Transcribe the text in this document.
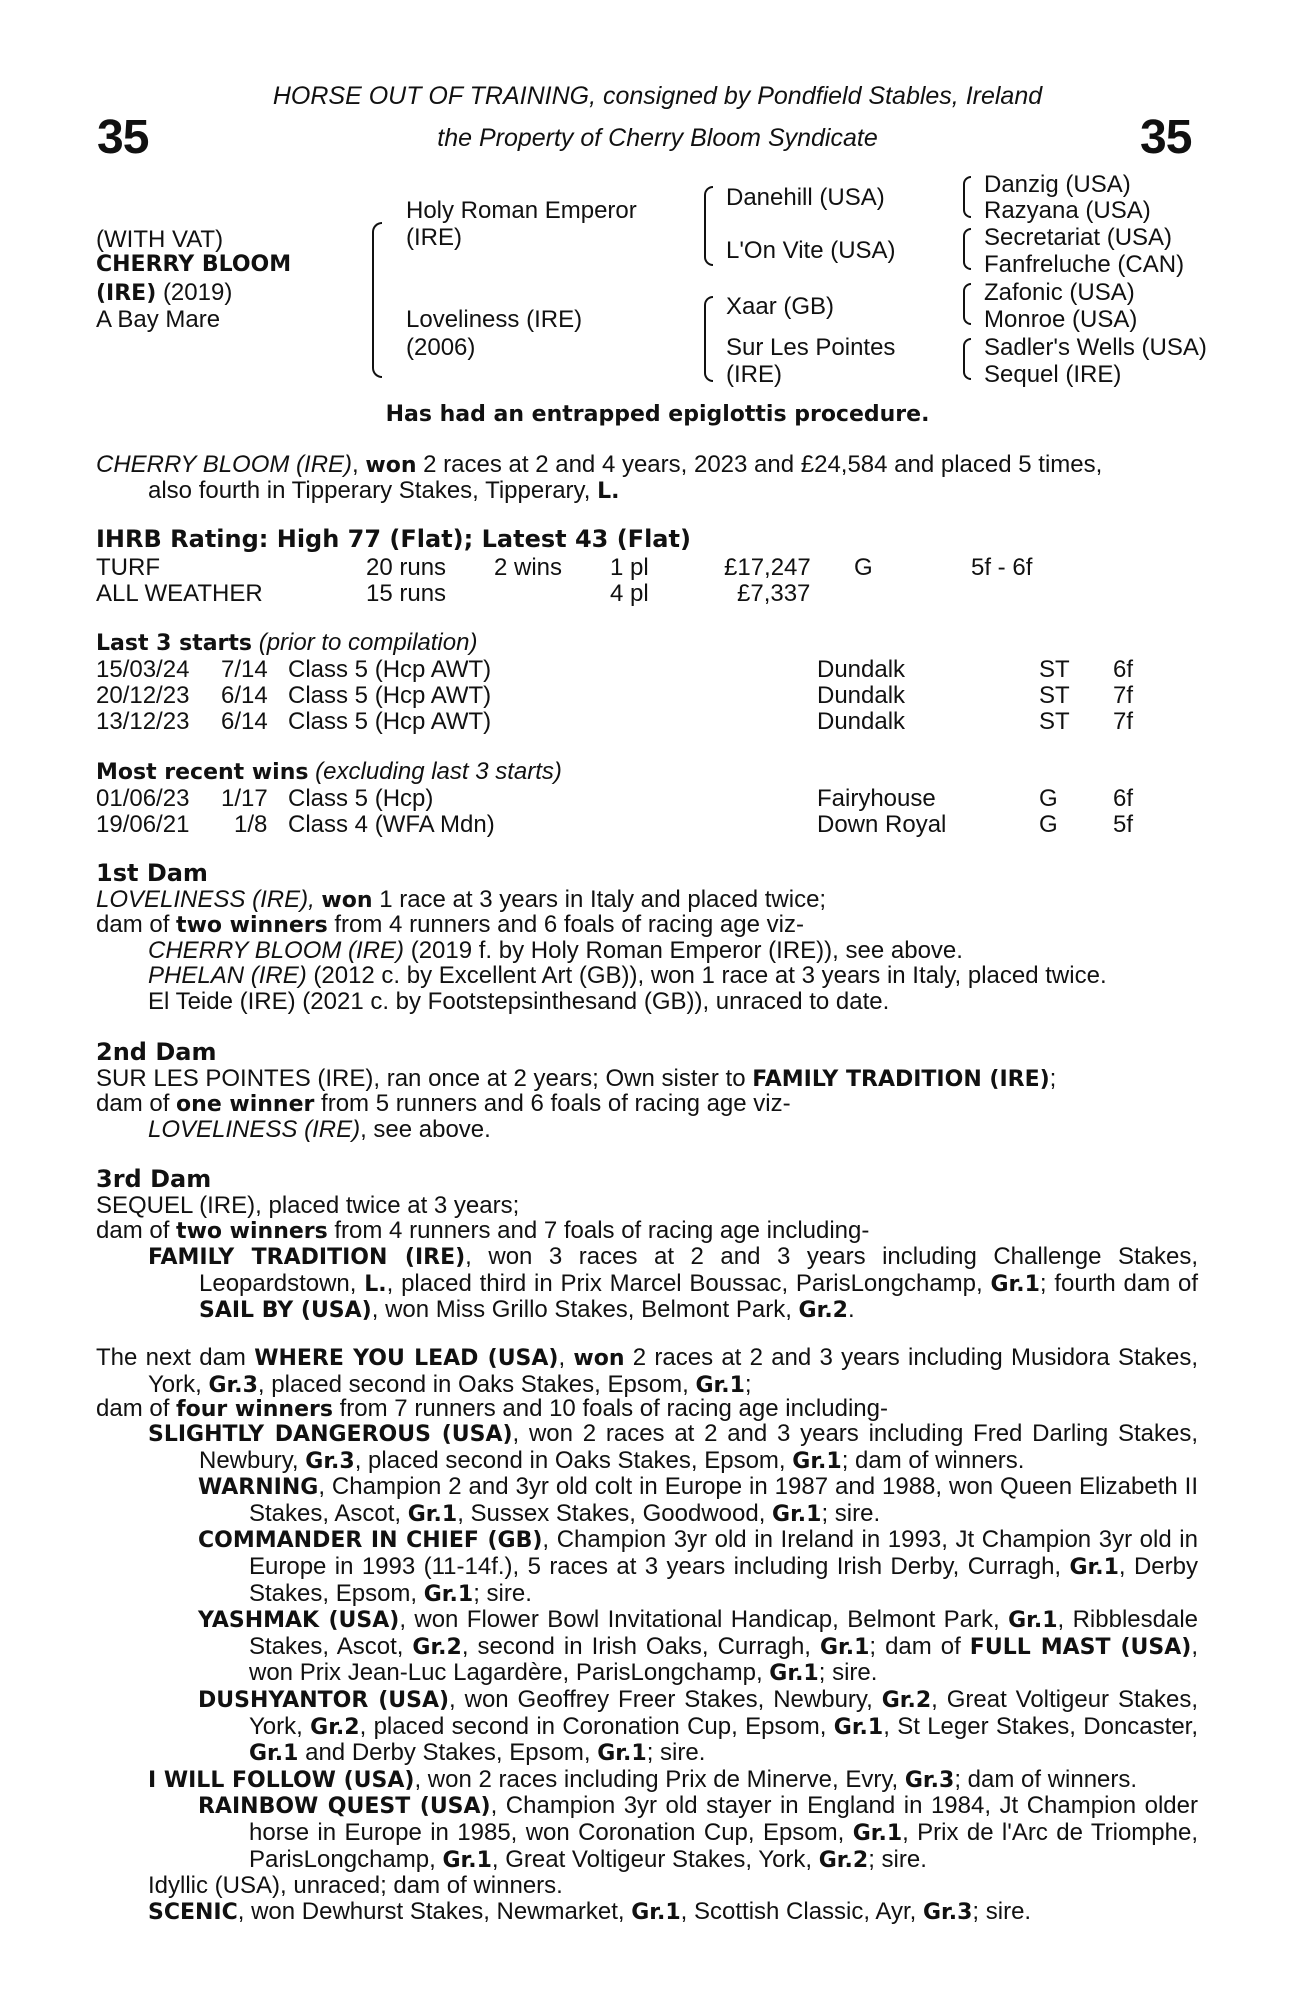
35	35
HORSE OUT OF TRAINING, consigned by Pondfield Stables, Ireland
the Property of Cherry Bloom Syndicate
(WITH VAT)
CHERRY BLOOM
(IRE) (2019)
A Bay Mare
Holy Roman Emperor
(IRE)
Loveliness (IRE)
(2006)
Danehill (USA)
L'On Vite (USA)
Xaar (GB)
Sur Les Pointes
(IRE)
Danzig (USA)
Razyana (USA)
Secretariat (USA)
Fanfreluche (CAN)
Zafonic (USA)
Monroe (USA)
Sadler's Wells (USA)
Sequel (IRE)
Has had an entrapped epiglottis procedure.
CHERRY BLOOM (IRE), won 2 races at 2 and 4 years, 2023 and £24,584 and placed 5 times,
also fourth in Tipperary Stakes, Tipperary, L.
IHRB Rating: High 77 (Flat); Latest 43 (Flat)
TURF	20 runs 2 wins 1 pl	£17,247 G	5f - 6f
ALL WEATHER	15 runs	4 pl	£7,337
Last 3 starts (prior to compilation)
15/03/24 7/14 Class 5 (Hcp AWT)	Dundalk	ST 6f
20/12/23 6/14 Class 5 (Hcp AWT)	Dundalk	ST 7f
13/12/23 6/14 Class 5 (Hcp AWT)	Dundalk	ST 7f
Most recent wins (excluding last 3 starts)
01/06/23 1/17 Class 5 (Hcp)	Fairyhouse	G 6f
19/06/21 1/8 Class 4 (WFA Mdn)	Down Royal	G 5f
1st Dam
LOVELINESS (IRE), won 1 race at 3 years in Italy and placed twice;
dam of two winners from 4 runners and 6 foals of racing age viz-
CHERRY BLOOM (IRE) (2019 f. by Holy Roman Emperor (IRE)), see above.
PHELAN (IRE) (2012 c. by Excellent Art (GB)), won 1 race at 3 years in Italy, placed twice.
El Teide (IRE) (2021 c. by Footstepsinthesand (GB)), unraced to date.
2nd Dam
SUR LES POINTES (IRE), ran once at 2 years; Own sister to FAMILY TRADITION (IRE);
dam of one winner from 5 runners and 6 foals of racing age viz-
LOVELINESS (IRE), see above.
3rd Dam
SEQUEL (IRE), placed twice at 3 years;
dam of two winners from 4 runners and 7 foals of racing age including-
FAMILY TRADITION (IRE), won 3 races at 2 and 3 years including Challenge Stakes, Leopardstown, L., placed third in Prix Marcel Boussac, ParisLongchamp, Gr.1; fourth dam of SAIL BY (USA), won Miss Grillo Stakes, Belmont Park, Gr.2.
The next dam WHERE YOU LEAD (USA), won 2 races at 2 and 3 years including Musidora Stakes, York, Gr.3, placed second in Oaks Stakes, Epsom, Gr.1;
dam of four winners from 7 runners and 10 foals of racing age including-
SLIGHTLY DANGEROUS (USA), won 2 races at 2 and 3 years including Fred Darling Stakes, Newbury, Gr.3, placed second in Oaks Stakes, Epsom, Gr.1; dam of winners.
WARNING, Champion 2 and 3yr old colt in Europe in 1987 and 1988, won Queen Elizabeth II Stakes, Ascot, Gr.1, Sussex Stakes, Goodwood, Gr.1; sire.
COMMANDER IN CHIEF (GB), Champion 3yr old in Ireland in 1993, Jt Champion 3yr old in Europe in 1993 (11-14f.), 5 races at 3 years including Irish Derby, Curragh, Gr.1, Derby Stakes, Epsom, Gr.1; sire.
YASHMAK (USA), won Flower Bowl Invitational Handicap, Belmont Park, Gr.1, Ribblesdale Stakes, Ascot, Gr.2, second in Irish Oaks, Curragh, Gr.1; dam of FULL MAST (USA), won Prix Jean-Luc Lagardère, ParisLongchamp, Gr.1; sire.
DUSHYANTOR (USA), won Geoffrey Freer Stakes, Newbury, Gr.2, Great Voltigeur Stakes, York, Gr.2, placed second in Coronation Cup, Epsom, Gr.1, St Leger Stakes, Doncaster, Gr.1 and Derby Stakes, Epsom, Gr.1; sire.
I WILL FOLLOW (USA), won 2 races including Prix de Minerve, Evry, Gr.3; dam of winners.
RAINBOW QUEST (USA), Champion 3yr old stayer in England in 1984, Jt Champion older horse in Europe in 1985, won Coronation Cup, Epsom, Gr.1, Prix de l'Arc de Triomphe, ParisLongchamp, Gr.1, Great Voltigeur Stakes, York, Gr.2; sire.
Idyllic (USA), unraced; dam of winners.
SCENIC, won Dewhurst Stakes, Newmarket, Gr.1, Scottish Classic, Ayr, Gr.3; sire.
